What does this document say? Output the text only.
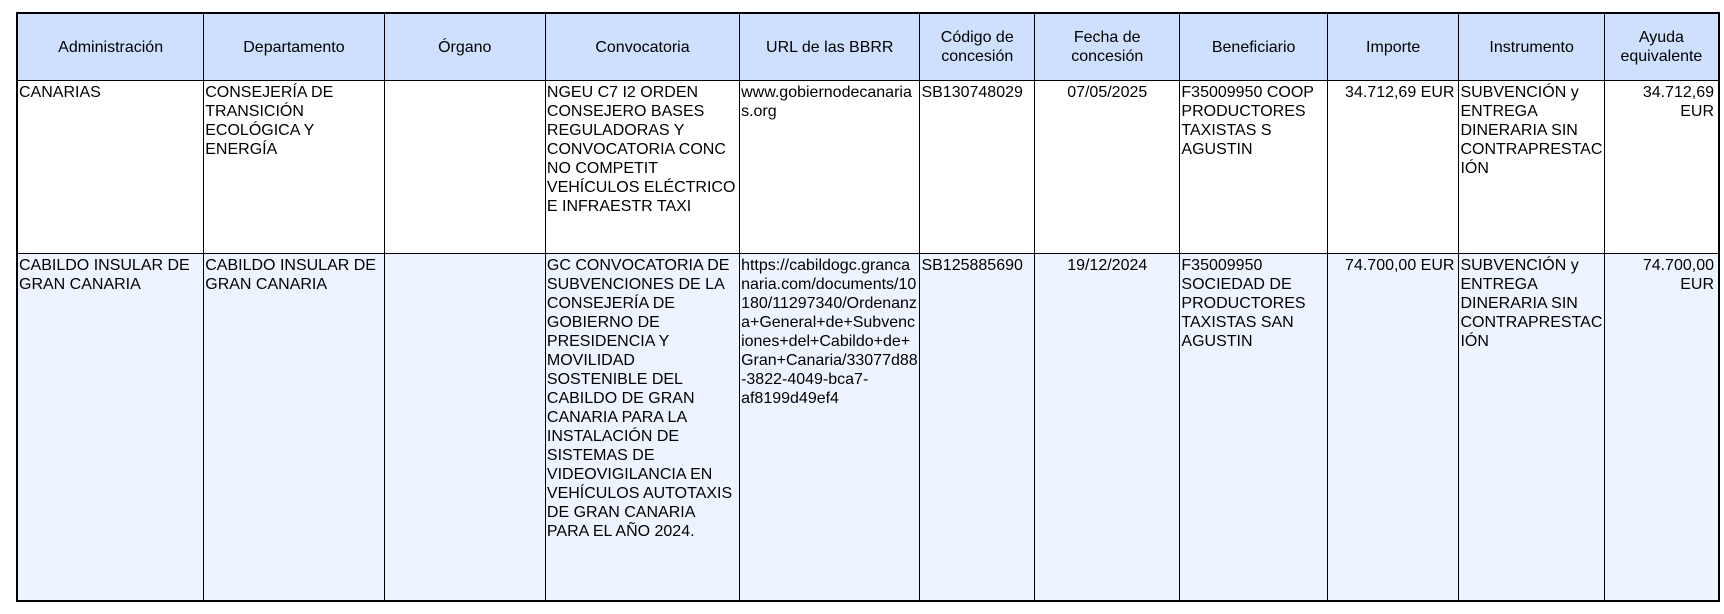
Administración	Departamento	Órgano	Convocatoria	URL de las BBRR	Código de concesión	Fecha de concesión	Beneficiario	Importe	Instrumento	Ayuda equivalente
CANARIAS	CONSEJERÍA DE TRANSICIÓN ECOLÓGICA Y ENERGÍA		NGEU C7 I2 ORDEN CONSEJERO BASES REGULADORAS Y CONVOCATORIA CONC NO COMPETIT VEHÍCULOS ELÉCTRICO E INFRAESTR TAXI	www.gobiernodecanarias.org	SB130748029	07/05/2025	F35009950 COOP PRODUCTORES TAXISTAS S AGUSTIN	34.712,69 EUR	SUBVENCIÓN y ENTREGA DINERARIA SIN CONTRAPRESTACIÓN	34.712,69 EUR
CABILDO INSULAR DE GRAN CANARIA	CABILDO INSULAR DE GRAN CANARIA		GC CONVOCATORIA DE SUBVENCIONES DE LA CONSEJERÍA DE GOBIERNO DE PRESIDENCIA Y MOVILIDAD SOSTENIBLE DEL CABILDO DE GRAN CANARIA PARA LA INSTALACIÓN DE SISTEMAS DE VIDEOVIGILANCIA EN VEHÍCULOS AUTOTAXIS DE GRAN CANARIA PARA EL AÑO 2024.	https://cabildogc.grancanaria.com/documents/10180/11297340/Ordenanza+General+de+Subvenciones+del+Cabildo+de+Gran+Canaria/33077d88-3822-4049-bca7-af8199d49ef4	SB125885690	19/12/2024	F35009950 SOCIEDAD DE PRODUCTORES TAXISTAS SAN AGUSTIN	74.700,00 EUR	SUBVENCIÓN y ENTREGA DINERARIA SIN CONTRAPRESTACIÓN	74.700,00 EUR
